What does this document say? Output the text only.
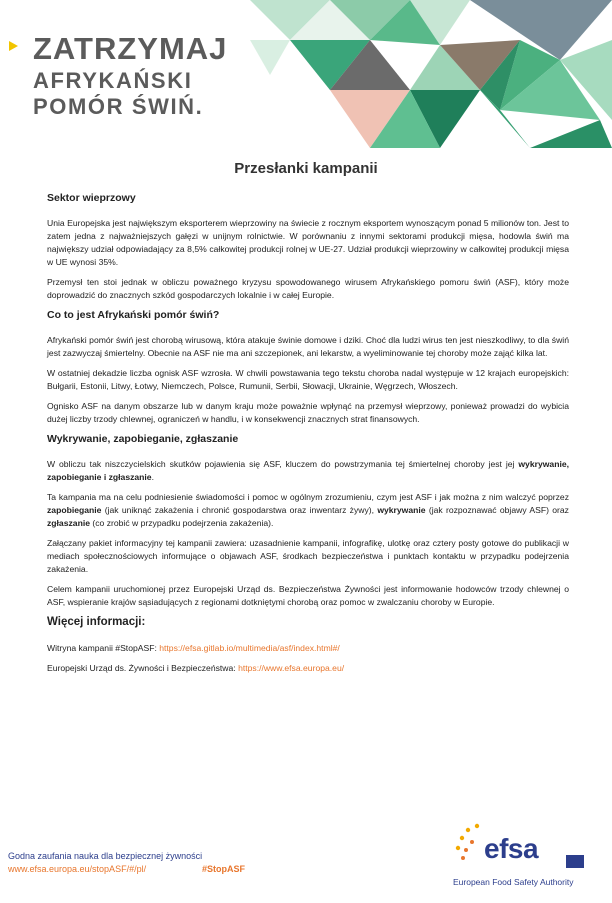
ZATRZYMAJ
AFRYKAŃSKI
POMÓR ŚWIŃ.
Przesłanki kampanii
Sektor wieprzowy

Unia Europejska jest największym eksporterem wieprzowiny na świecie z rocznym eksportem wynoszącym ponad 5 milionów ton. Jest to zatem jedna z najważniejszych gałęzi w unijnym rolnictwie. W porównaniu z innymi sektorami produkcji mięsa, hodowla świń ma największy udział odpowiadający za 8,5% całkowitej produkcji rolnej w UE-27. Udział produkcji wieprzowiny w całkowitej produkcji mięsa w UE wynosi 35%.

Przemysł ten stoi jednak w obliczu poważnego kryzysu spowodowanego wirusem Afrykańskiego pomoru świń (ASF), który może doprowadzić do znacznych szkód gospodarczych lokalnie i w całej Europie.

Co to jest Afrykański pomór świń?

Afrykański pomór świń jest chorobą wirusową, która atakuje świnie domowe i dziki. Choć dla ludzi wirus ten jest nieszkodliwy, to dla świń jest zazwyczaj śmiertelny. Obecnie na ASF nie ma ani szczepionek, ani lekarstw, a wyeliminowanie tej choroby może zająć kilka lat.

W ostatniej dekadzie liczba ognisk ASF wzrosła. W chwili powstawania tego tekstu choroba nadal występuje w 12 krajach europejskich: Bułgarii, Estonii, Litwy, Łotwy, Niemczech, Polsce, Rumunii, Serbii, Słowacji, Ukrainie, Węgrzech, Włoszech.

Ognisko ASF na danym obszarze lub w danym kraju może poważnie wpłynąć na przemysł wieprzowy, ponieważ prowadzi do wybicia dużej liczby trzody chlewnej, ograniczeń w handlu, i w konsekwencji znacznych strat finansowych.

Wykrywanie, zapobieganie, zgłaszanie

W obliczu tak niszczycielskich skutków pojawienia się ASF, kluczem do powstrzymania tej śmiertelnej choroby jest jej wykrywanie, zapobieganie i zgłaszanie.

Ta kampania ma na celu podniesienie świadomości i pomoc w ogólnym zrozumieniu, czym jest ASF i jak można z nim walczyć poprzez zapobieganie (jak uniknąć zakażenia i chronić gospodarstwa oraz inwentarz żywy), wykrywanie (jak rozpoznawać objawy ASF) oraz zgłaszanie (co zrobić w przypadku podejrzenia zakażenia).

Załączany pakiet informacyjny tej kampanii zawiera: uzasadnienie kampanii, infografikę, ulotkę oraz cztery posty gotowe do publikacji w mediach społecznościowych informujące o objawach ASF, środkach bezpieczeństwa i punktach kontaktu w przypadku podejrzenia zakażenia.

Celem kampanii uruchomionej przez Europejski Urząd ds. Bezpieczeństwa Żywności jest informowanie hodowców trzody chlewnej o ASF, wspieranie krajów sąsiadujących z regionami dotkniętymi chorobą oraz pomoc w zwalczaniu choroby w Europie.

Więcej informacji:

Witryna kampanii #StopASF: https://efsa.gitlab.io/multimedia/asf/index.html#/

Europejski Urząd ds. Żywności i Bezpieczeństwa: https://www.efsa.europa.eu/

Godna zaufania nauka dla bezpiecznej żywności
www.efsa.europa.eu/stopASF/#/pl/	#StopASF
efsa
European Food Safety Authority
